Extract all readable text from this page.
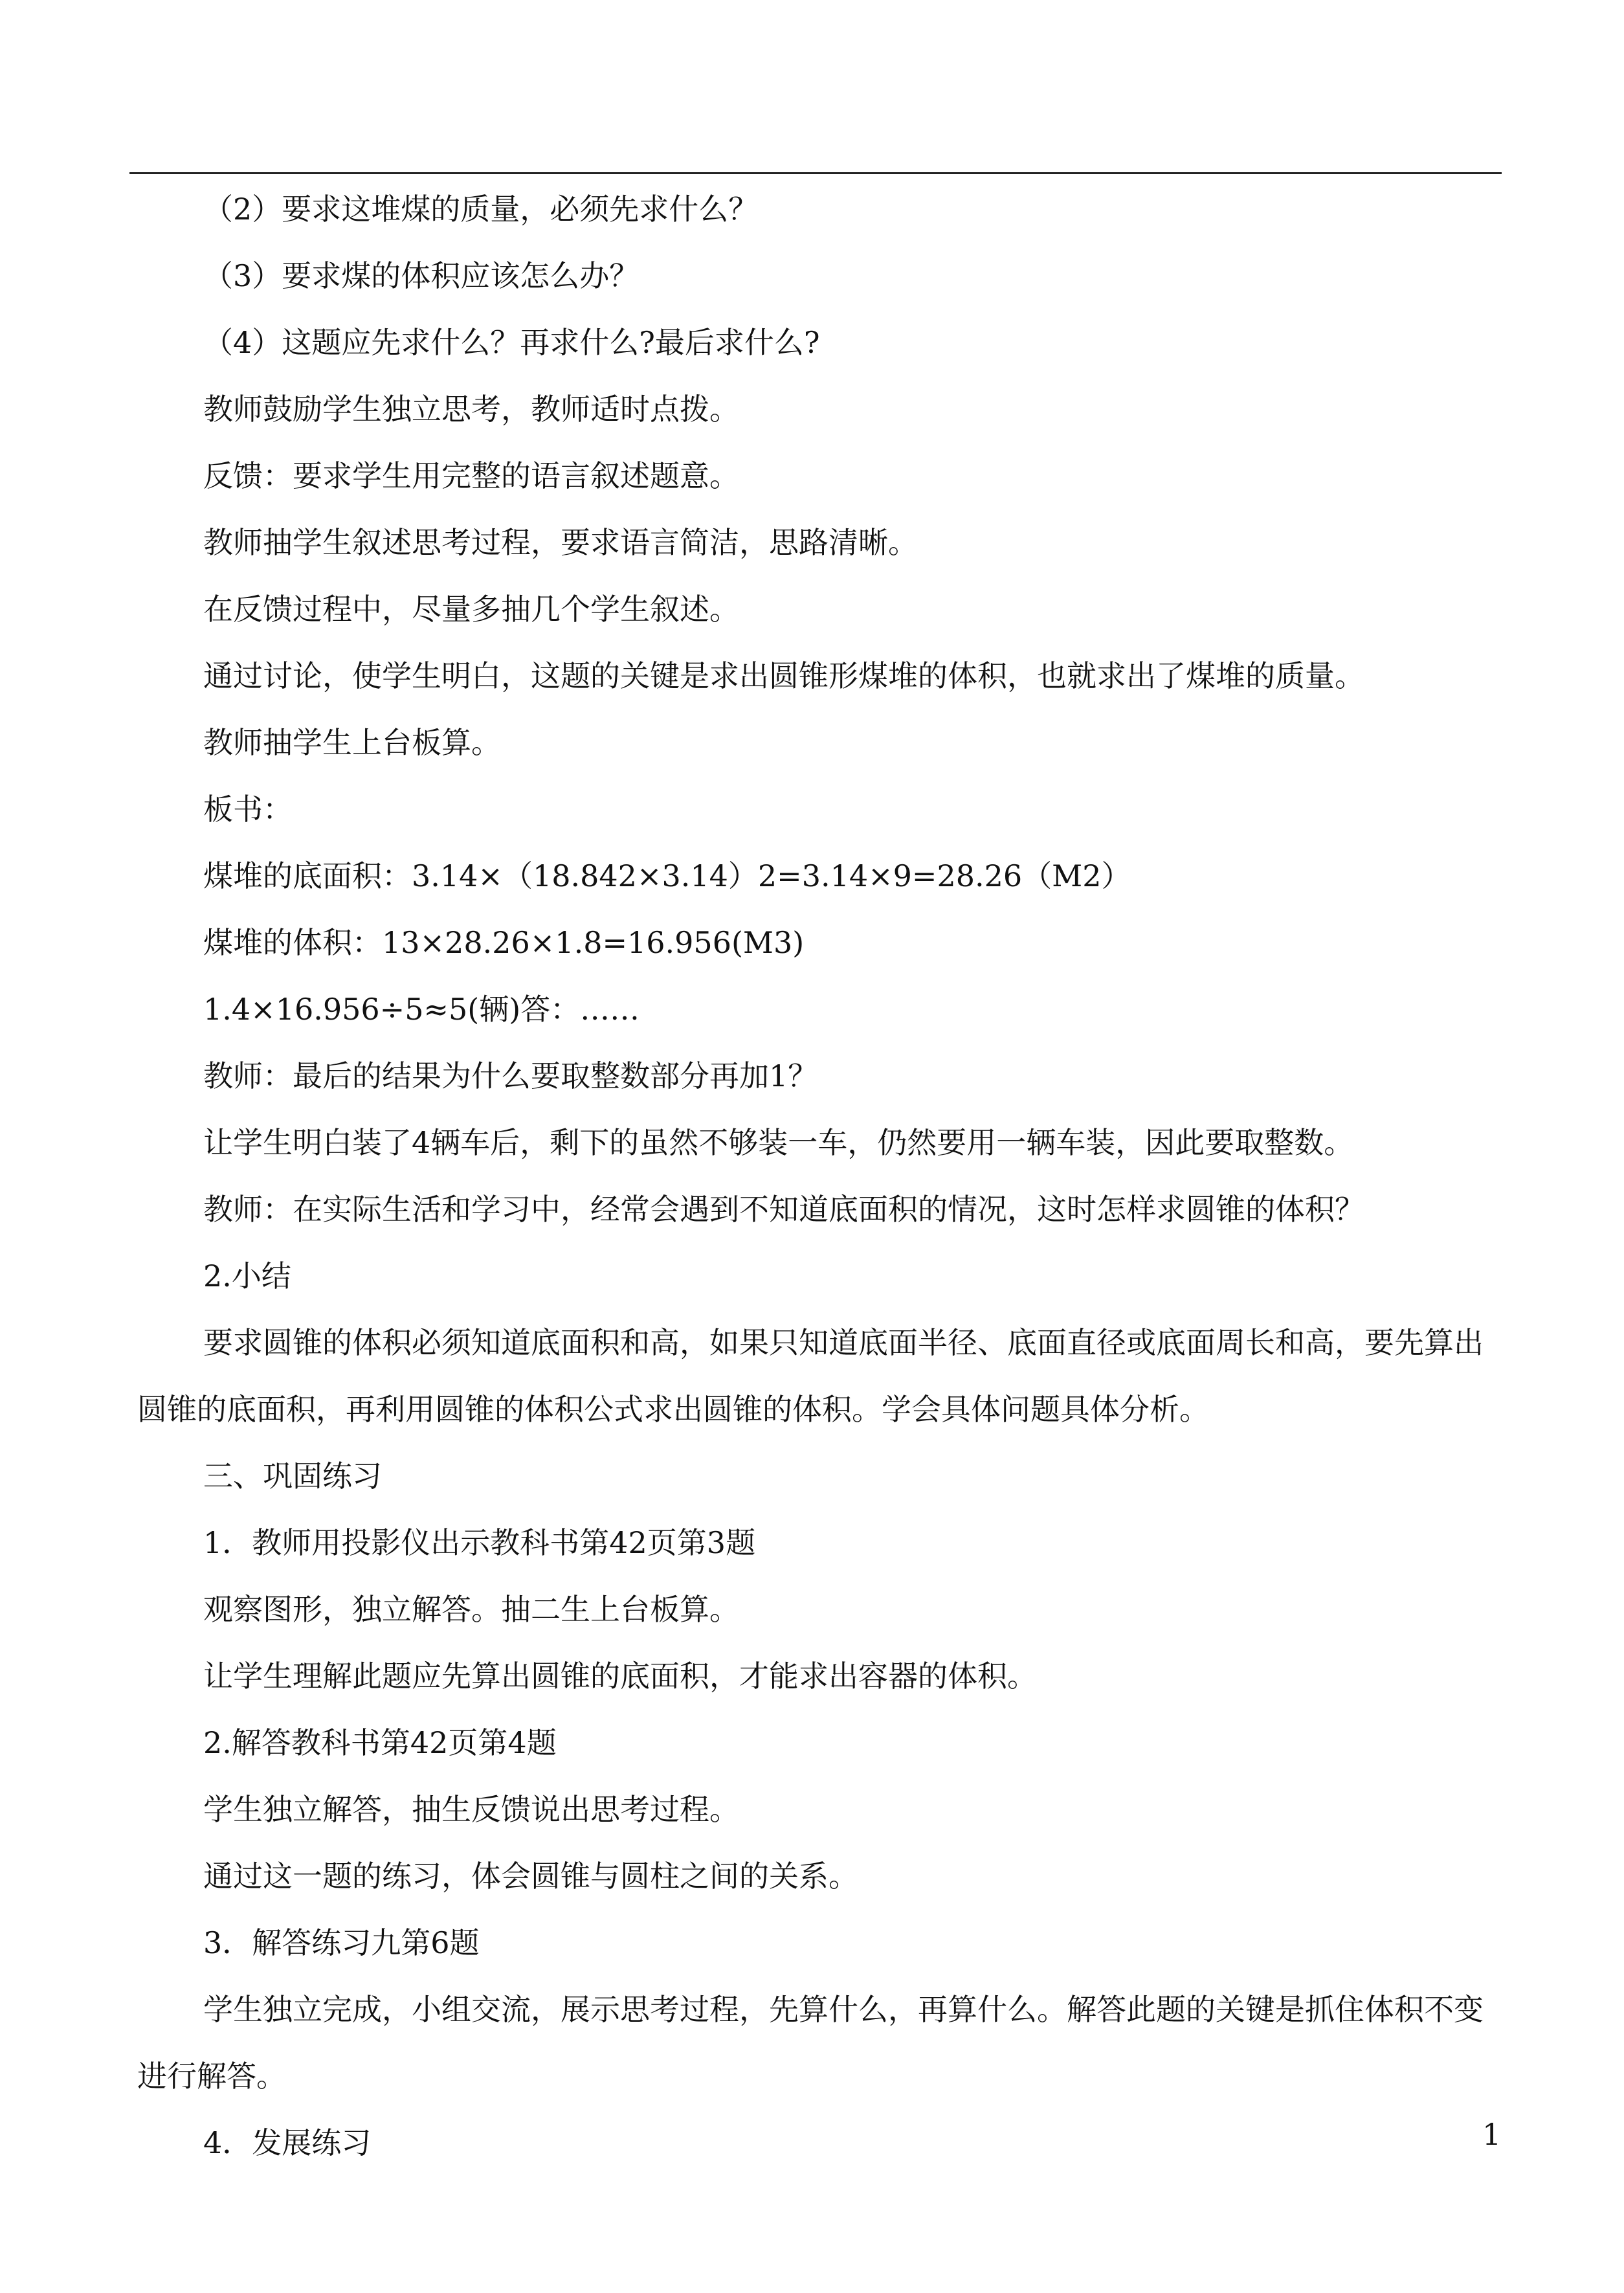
（2）要求这堆煤的质量，必须先求什么？
（3）要求煤的体积应该怎么办？
（4）这题应先求什么？再求什么?最后求什么?
教师鼓励学生独立思考，教师适时点拨。
反馈：要求学生用完整的语言叙述题意。
教师抽学生叙述思考过程，要求语言简洁，思路清晰。
在反馈过程中，尽量多抽几个学生叙述。
通过讨论，使学生明白，这题的关键是求出圆锥形煤堆的体积，也就求出了煤堆的质量。
教师抽学生上台板算。
板书：
煤堆的底面积：3.14×（18.842×3.14）2=3.14×9=28.26（M2）
煤堆的体积：13×28.26×1.8=16.956(M3)
1.4×16.956÷5≈5(辆)答：……
教师：最后的结果为什么要取整数部分再加1？
让学生明白装了4辆车后，剩下的虽然不够装一车，仍然要用一辆车装，因此要取整数。
教师：在实际生活和学习中，经常会遇到不知道底面积的情况，这时怎样求圆锥的体积？
2.小结
要求圆锥的体积必须知道底面积和高，如果只知道底面半径、底面直径或底面周长和高，要先算出圆锥的底面积，再利用圆锥的体积公式求出圆锥的体积。学会具体问题具体分析。
三、巩固练习
1．教师用投影仪出示教科书第42页第3题
观察图形，独立解答。抽二生上台板算。
让学生理解此题应先算出圆锥的底面积，才能求出容器的体积。
2.解答教科书第42页第4题
学生独立解答，抽生反馈说出思考过程。
通过这一题的练习，体会圆锥与圆柱之间的关系。
3．解答练习九第6题
学生独立完成，小组交流，展示思考过程，先算什么，再算什么。解答此题的关键是抓住体积不变进行解答。
4．发展练习	1
